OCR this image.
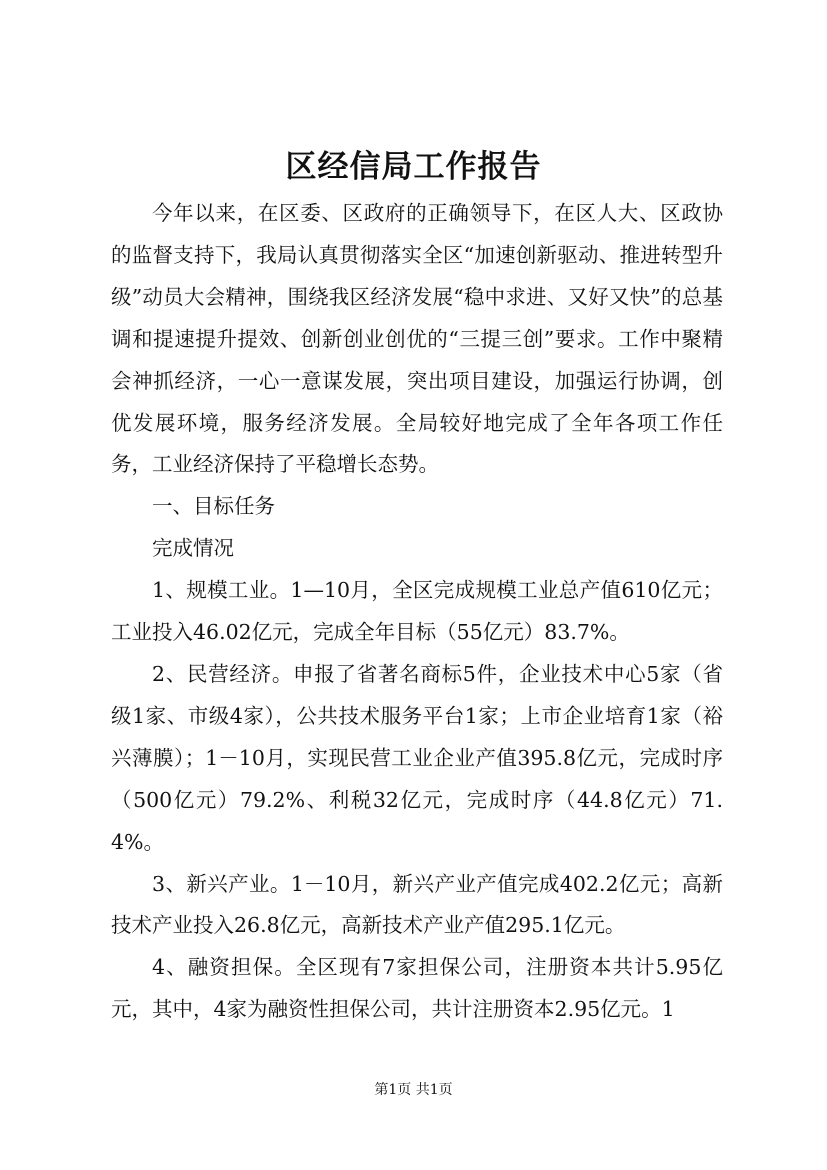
区经信局工作报告

今年以来，在区委、区政府的正确领导下，在区人大、区政协的监督支持下，我局认真贯彻落实全区“加速创新驱动、推进转型升级”动员大会精神，围绕我区经济发展“稳中求进、又好又快”的总基调和提速提升提效、创新创业创优的“三提三创”要求。工作中聚精会神抓经济，一心一意谋发展，突出项目建设，加强运行协调，创优发展环境，服务经济发展。全局较好地完成了全年各项工作任务，工业经济保持了平稳增长态势。

一、目标任务

完成情况

1、规模工业。1—10月，全区完成规模工业总产值610亿元；工业投入46.02亿元，完成全年目标（55亿元）83.7%。

2、民营经济。申报了省著名商标5件，企业技术中心5家（省级1家、市级4家），公共技术服务平台1家；上市企业培育1家（裕兴薄膜）；1－10月，实现民营工业企业产值395.8亿元，完成时序（500亿元）79.2%、利税32亿元，完成时序（44.8亿元）71.4%。

3、新兴产业。1－10月，新兴产业产值完成402.2亿元；高新技术产业投入26.8亿元，高新技术产业产值295.1亿元。

4、融资担保。全区现有7家担保公司，注册资本共计5.95亿元，其中，4家为融资性担保公司，共计注册资本2.95亿元。1

第1页 共1页
